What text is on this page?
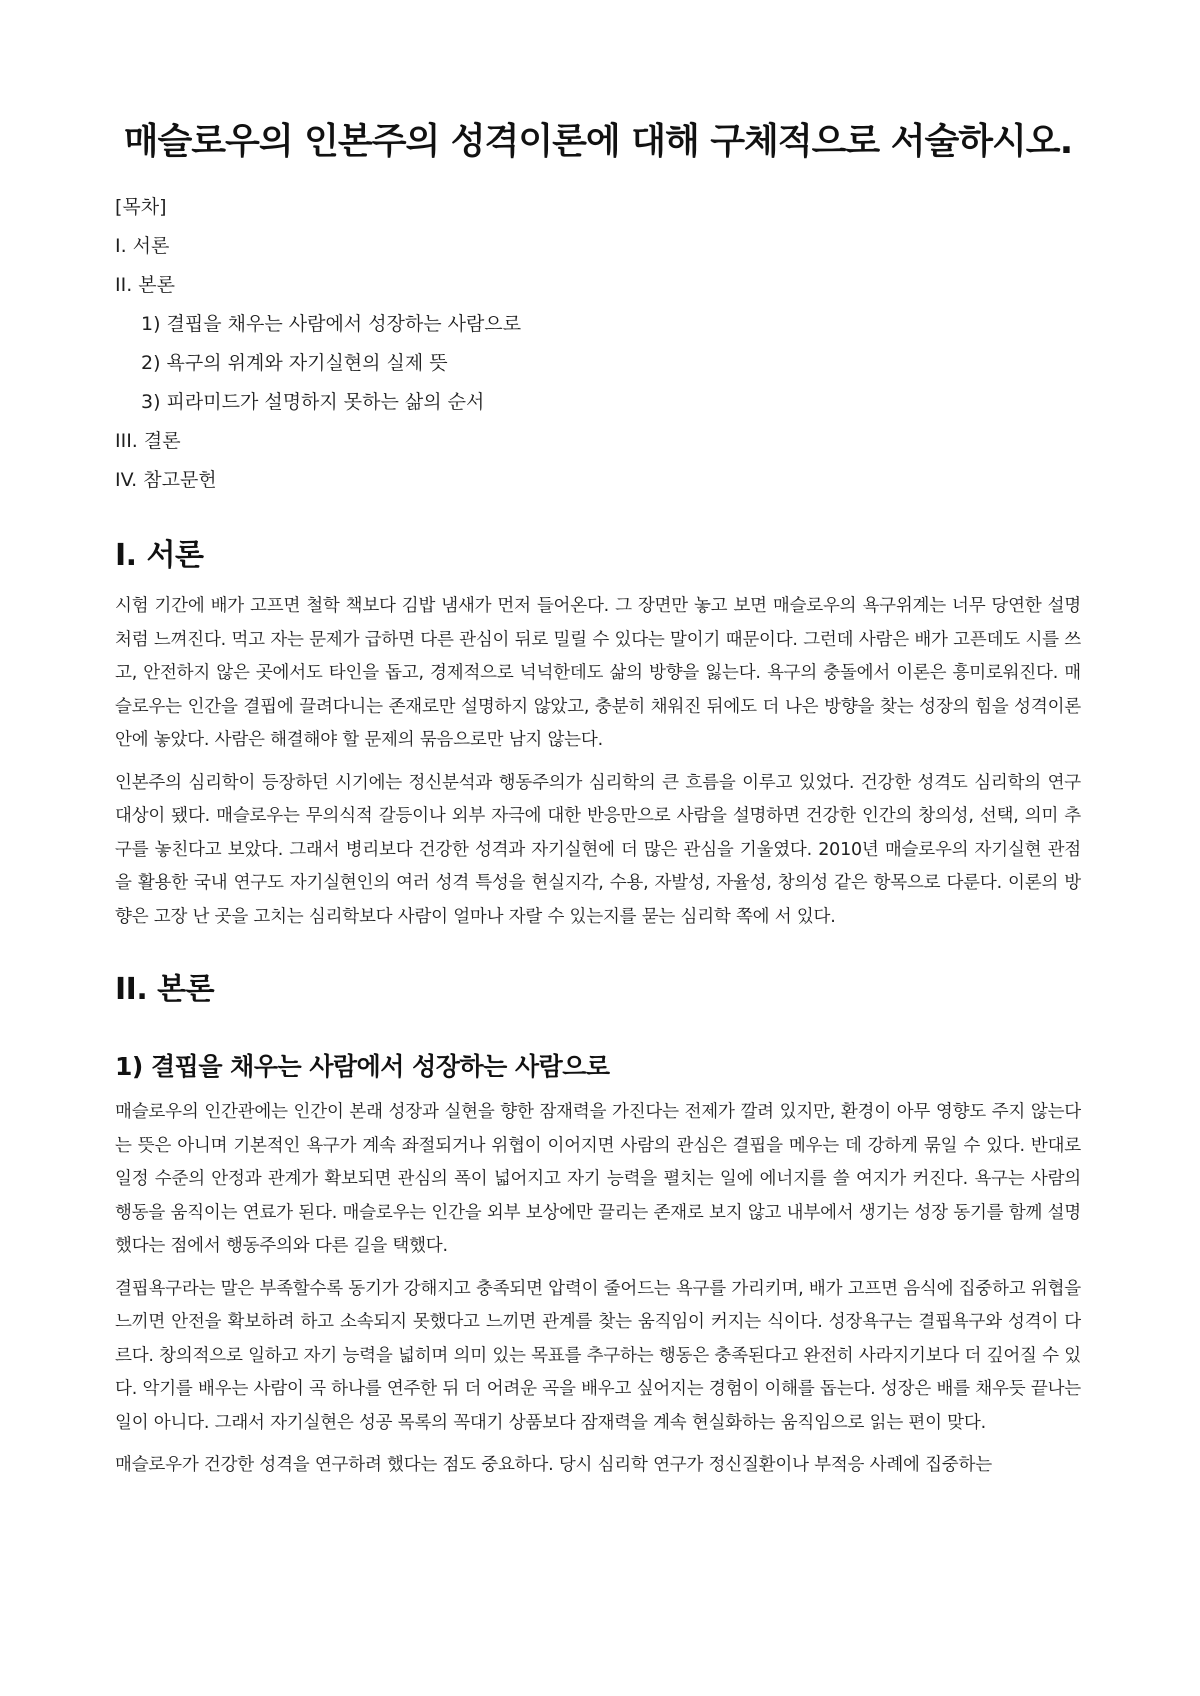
매슬로우의 인본주의 성격이론에 대해 구체적으로 서술하시오.

[목차]

I. 서론

II. 본론

1) 결핍을 채우는 사람에서 성장하는 사람으로

2) 욕구의 위계와 자기실현의 실제 뜻

3) 피라미드가 설명하지 못하는 삶의 순서

III. 결론

IV. 참고문헌

I. 서론

시험 기간에 배가 고프면 철학 책보다 김밥 냄새가 먼저 들어온다. 그 장면만 놓고 보면 매슬로우의 욕구위계는 너무 당연한 설명처럼 느껴진다. 먹고 자는 문제가 급하면 다른 관심이 뒤로 밀릴 수 있다는 말이기 때문이다. 그런데 사람은 배가 고픈데도 시를 쓰고, 안전하지 않은 곳에서도 타인을 돕고, 경제적으로 넉넉한데도 삶의 방향을 잃는다. 욕구의 충돌에서 이론은 흥미로워진다. 매슬로우는 인간을 결핍에 끌려다니는 존재로만 설명하지 않았고, 충분히 채워진 뒤에도 더 나은 방향을 찾는 성장의 힘을 성격이론 안에 놓았다. 사람은 해결해야 할 문제의 묶음으로만 남지 않는다.

인본주의 심리학이 등장하던 시기에는 정신분석과 행동주의가 심리학의 큰 흐름을 이루고 있었다. 건강한 성격도 심리학의 연구 대상이 됐다. 매슬로우는 무의식적 갈등이나 외부 자극에 대한 반응만으로 사람을 설명하면 건강한 인간의 창의성, 선택, 의미 추구를 놓친다고 보았다. 그래서 병리보다 건강한 성격과 자기실현에 더 많은 관심을 기울였다. 2010년 매슬로우의 자기실현 관점을 활용한 국내 연구도 자기실현인의 여러 성격 특성을 현실지각, 수용, 자발성, 자율성, 창의성 같은 항목으로 다룬다. 이론의 방향은 고장 난 곳을 고치는 심리학보다 사람이 얼마나 자랄 수 있는지를 묻는 심리학 쪽에 서 있다.

II. 본론
1) 결핍을 채우는 사람에서 성장하는 사람으로

매슬로우의 인간관에는 인간이 본래 성장과 실현을 향한 잠재력을 가진다는 전제가 깔려 있지만, 환경이 아무 영향도 주지 않는다는 뜻은 아니며 기본적인 욕구가 계속 좌절되거나 위협이 이어지면 사람의 관심은 결핍을 메우는 데 강하게 묶일 수 있다. 반대로 일정 수준의 안정과 관계가 확보되면 관심의 폭이 넓어지고 자기 능력을 펼치는 일에 에너지를 쓸 여지가 커진다. 욕구는 사람의 행동을 움직이는 연료가 된다. 매슬로우는 인간을 외부 보상에만 끌리는 존재로 보지 않고 내부에서 생기는 성장 동기를 함께 설명했다는 점에서 행동주의와 다른 길을 택했다.

결핍욕구라는 말은 부족할수록 동기가 강해지고 충족되면 압력이 줄어드는 욕구를 가리키며, 배가 고프면 음식에 집중하고 위협을 느끼면 안전을 확보하려 하고 소속되지 못했다고 느끼면 관계를 찾는 움직임이 커지는 식이다. 성장욕구는 결핍욕구와 성격이 다르다. 창의적으로 일하고 자기 능력을 넓히며 의미 있는 목표를 추구하는 행동은 충족된다고 완전히 사라지기보다 더 깊어질 수 있다. 악기를 배우는 사람이 곡 하나를 연주한 뒤 더 어려운 곡을 배우고 싶어지는 경험이 이해를 돕는다. 성장은 배를 채우듯 끝나는 일이 아니다. 그래서 자기실현은 성공 목록의 꼭대기 상품보다 잠재력을 계속 현실화하는 움직임으로 읽는 편이 맞다.

매슬로우가 건강한 성격을 연구하려 했다는 점도 중요하다. 당시 심리학 연구가 정신질환이나 부적응 사례에 집중하는
